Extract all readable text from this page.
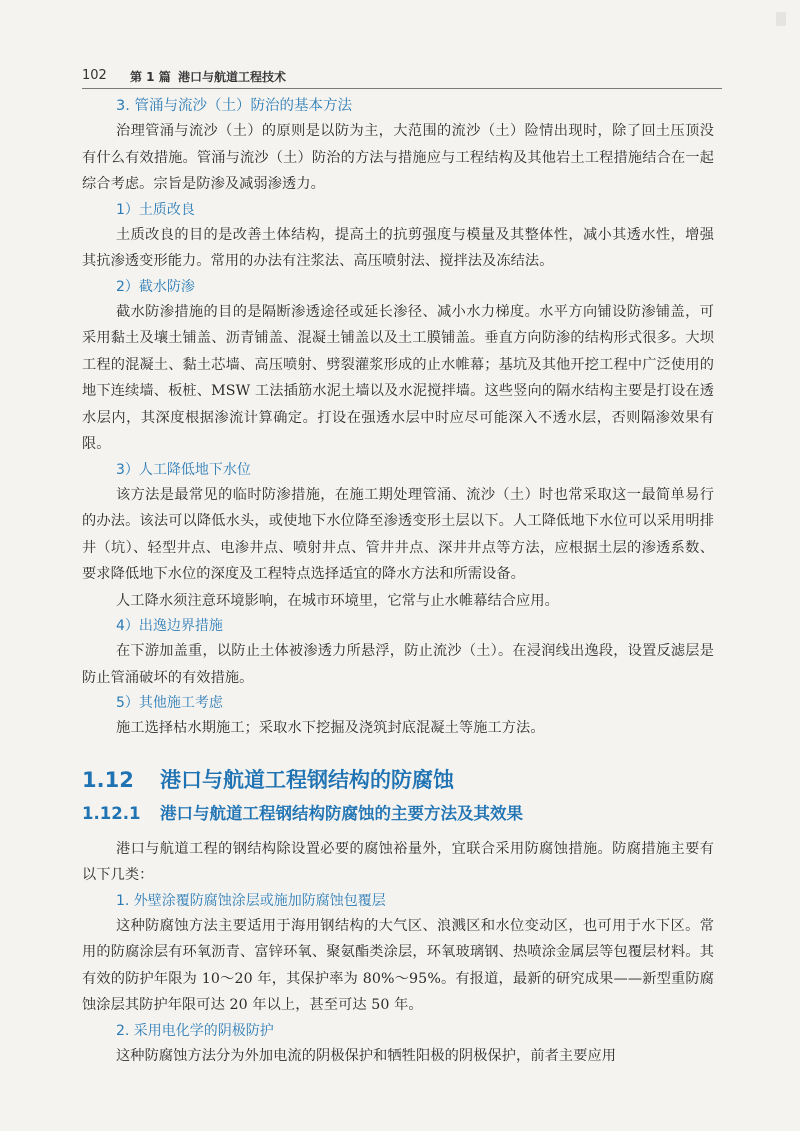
102 第 1 篇 港口与航道工程技术
3. 管涌与流沙（土）防治的基本方法

治理管涌与流沙（土）的原则是以防为主，大范围的流沙（土）险情出现时，除了回土压顶没有什么有效措施。管涌与流沙（土）防治的方法与措施应与工程结构及其他岩土工程措施结合在一起综合考虑。宗旨是防渗及减弱渗透力。

1）土质改良

土质改良的目的是改善土体结构，提高土的抗剪强度与模量及其整体性，减小其透水性，增强其抗渗透变形能力。常用的办法有注浆法、高压喷射法、搅拌法及冻结法。

2）截水防渗

截水防渗措施的目的是隔断渗透途径或延长渗径、减小水力梯度。水平方向铺设防渗铺盖，可采用黏土及壤土铺盖、沥青铺盖、混凝土铺盖以及土工膜铺盖。垂直方向防渗的结构形式很多。大坝工程的混凝土、黏土芯墙、高压喷射、劈裂灌浆形成的止水帷幕；基坑及其他开挖工程中广泛使用的地下连续墙、板桩、MSW 工法插筋水泥土墙以及水泥搅拌墙。这些竖向的隔水结构主要是打设在透水层内，其深度根据渗流计算确定。打设在强透水层中时应尽可能深入不透水层，否则隔渗效果有限。

3）人工降低地下水位

该方法是最常见的临时防渗措施，在施工期处理管涌、流沙（土）时也常采取这一最简单易行的办法。该法可以降低水头，或使地下水位降至渗透变形土层以下。人工降低地下水位可以采用明排井（坑）、轻型井点、电渗井点、喷射井点、管井井点、深井井点等方法，应根据土层的渗透系数、要求降低地下水位的深度及工程特点选择适宜的降水方法和所需设备。

人工降水须注意环境影响，在城市环境里，它常与止水帷幕结合应用。

4）出逸边界措施

在下游加盖重，以防止土体被渗透力所悬浮，防止流沙（土）。在浸润线出逸段，设置反滤层是防止管涌破坏的有效措施。

5）其他施工考虑

施工选择枯水期施工；采取水下挖掘及浇筑封底混凝土等施工方法。

1.12 港口与航道工程钢结构的防腐蚀
1.12.1 港口与航道工程钢结构防腐蚀的主要方法及其效果

港口与航道工程的钢结构除设置必要的腐蚀裕量外，宜联合采用防腐蚀措施。防腐措施主要有以下几类：

1. 外壁涂覆防腐蚀涂层或施加防腐蚀包覆层

这种防腐蚀方法主要适用于海用钢结构的大气区、浪溅区和水位变动区，也可用于水下区。常用的防腐涂层有环氧沥青、富锌环氧、聚氨酯类涂层，环氧玻璃钢、热喷涂金属层等包覆层材料。其有效的防护年限为 10～20 年，其保护率为 80%～95%。有报道，最新的研究成果——新型重防腐蚀涂层其防护年限可达 20 年以上，甚至可达 50 年。

2. 采用电化学的阴极防护

这种防腐蚀方法分为外加电流的阴极保护和牺牲阳极的阴极保护，前者主要应用
